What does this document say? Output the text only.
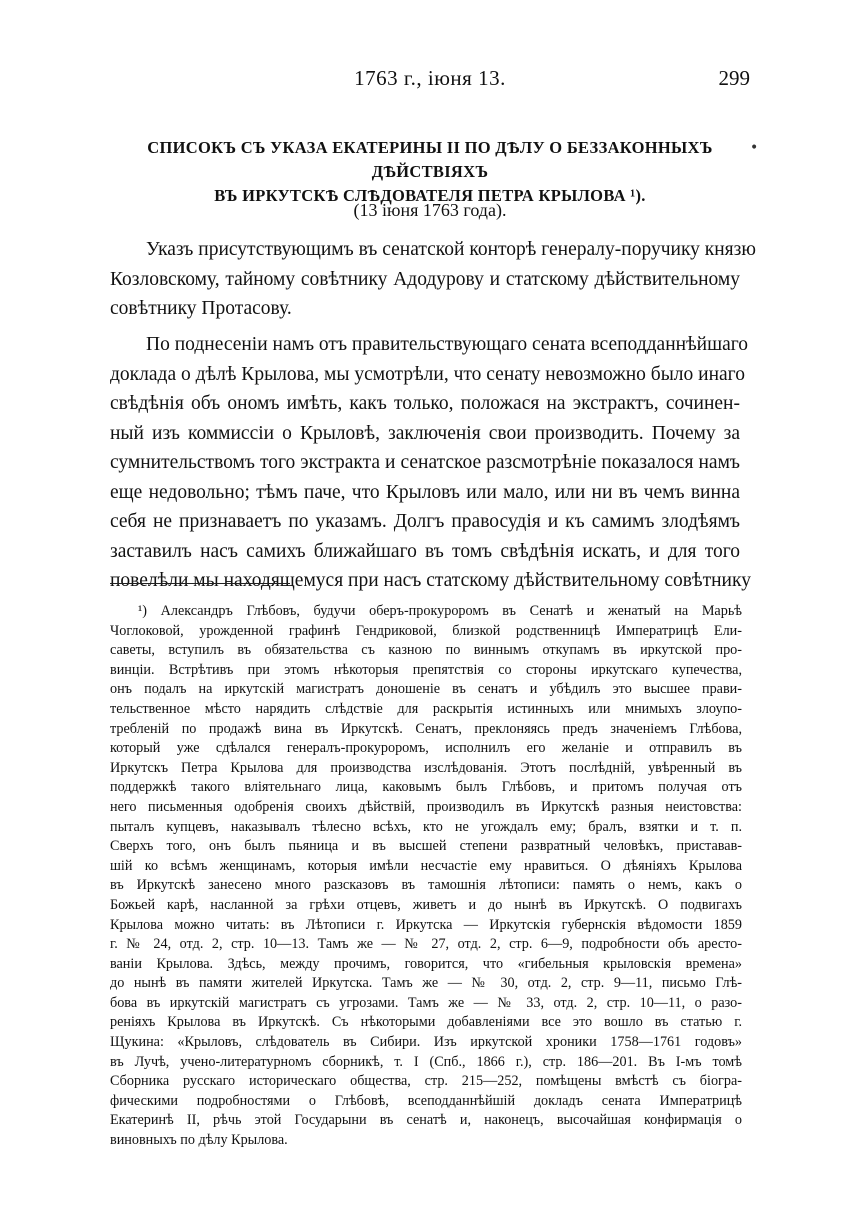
1763 г., іюня 13.	299
СПИСОКЪ СЪ УКАЗА ЕКАТЕРИНЫ II ПО ДѢЛУ О БЕЗЗАКОННЫХЪ ДѢЙСТВІЯХЪ
ВЪ ИРКУТСКѢ СЛѢДОВАТЕЛЯ ПЕТРА КРЫЛОВА ¹).
•
(13 іюня 1763 года).
Указъ присутствующимъ въ сенатской конторѣ генералу-поручику князю
Козловскому, тайному совѣтнику Адодурову и статскому дѣйствительному
совѣтнику Протасову.
По поднесеніи намъ отъ правительствующаго сената всеподданнѣйшаго
доклада о дѣлѣ Крылова, мы усмотрѣли, что сенату невозможно было инаго
свѣдѣнія объ ономъ имѣть, какъ только, положася на экстрактъ, сочинен-
ный изъ коммиссіи о Крыловѣ, заключенія свои производить. Почему за
сумнительствомъ того экстракта и сенатское разсмотрѣніе показалося намъ
еще недовольно; тѣмъ паче, что Крыловъ или мало, или ни въ чемъ винна
себя не признаваетъ по указамъ. Долгъ правосудія и къ самимъ злодѣямъ
заставилъ насъ самихъ ближайшаго въ томъ свѣдѣнія искать, и для того
повелѣли мы находящемуся при насъ статскому дѣйствительному совѣтнику
¹) Александръ Глѣбовъ, будучи оберъ-прокуроромъ въ Сенатѣ и женатый на Марьѣ
Чоглоковой, урожденной графинѣ Гендриковой, близкой родственницѣ Императрицѣ Ели-
саветы, вступилъ въ обязательства съ казною по виннымъ откупамъ въ иркутской про-
винціи. Встрѣтивъ при этомъ нѣкоторыя препятствія со стороны иркутскаго купечества,
онъ подалъ на иркутскій магистратъ доношеніе въ сенатъ и убѣдилъ это высшее прави-
тельственное мѣсто нарядить слѣдствіе для раскрытія истинныхъ или мнимыхъ злоупо-
требленій по продажѣ вина въ Иркутскѣ. Сенатъ, преклоняясь предъ значеніемъ Глѣбова,
который уже сдѣлался генералъ-прокуроромъ, исполнилъ его желаніе и отправилъ въ
Иркутскъ Петра Крылова для производства изслѣдованія. Этотъ послѣдній, увѣренный въ
поддержкѣ такого вліятельнаго лица, каковымъ былъ Глѣбовъ, и притомъ получая отъ
него письменныя одобренія своихъ дѣйствій, производилъ въ Иркутскѣ разныя неистовства:
пыталъ купцевъ, наказывалъ тѣлесно всѣхъ, кто не угождалъ ему; бралъ, взятки и т. п.
Сверхъ того, онъ былъ пьяница и въ высшей степени развратный человѣкъ, приставав-
шій ко всѣмъ женщинамъ, которыя имѣли несчастіе ему нравиться. О дѣяніяхъ Крылова
въ Иркутскѣ занесено много разсказовъ въ тамошнія лѣтописи: память о немъ, какъ о
Божьей карѣ, насланной за грѣхи отцевъ, живетъ и до нынѣ въ Иркутскѣ. О подвигахъ
Крылова можно читать: въ Лѣтописи г. Иркутска — Иркутскія губернскія вѣдомости 1859
г. № 24, отд. 2, стр. 10—13. Тамъ же — № 27, отд. 2, стр. 6—9, подробности объ аресто-
ваніи Крылова. Здѣсь, между прочимъ, говорится, что «гибельныя крыловскія времена»
до нынѣ въ памяти жителей Иркутска. Тамъ же — № 30, отд. 2, стр. 9—11, письмо Глѣ-
бова въ иркутскій магистратъ съ угрозами. Тамъ же — № 33, отд. 2, стр. 10—11, о разо-
реніяхъ Крылова въ Иркутскѣ. Съ нѣкоторыми добавленіями все это вошло въ статью г.
Щукина: «Крыловъ, слѣдователь въ Сибири. Изъ иркутской хроники 1758—1761 годовъ»
въ Лучѣ, учено-литературномъ сборникѣ, т. I (Спб., 1866 г.), стр. 186—201. Въ I-мъ томѣ
Сборника русскаго историческаго общества, стр. 215—252, помѣщены вмѣстѣ съ біогра-
фическими подробностями о Глѣбовѣ, всеподданнѣйшій докладъ сената Императрицѣ
Екатеринѣ II, рѣчь этой Государыни въ сенатѣ и, наконецъ, высочайшая конфирмація о
виновныхъ по дѣлу Крылова.
